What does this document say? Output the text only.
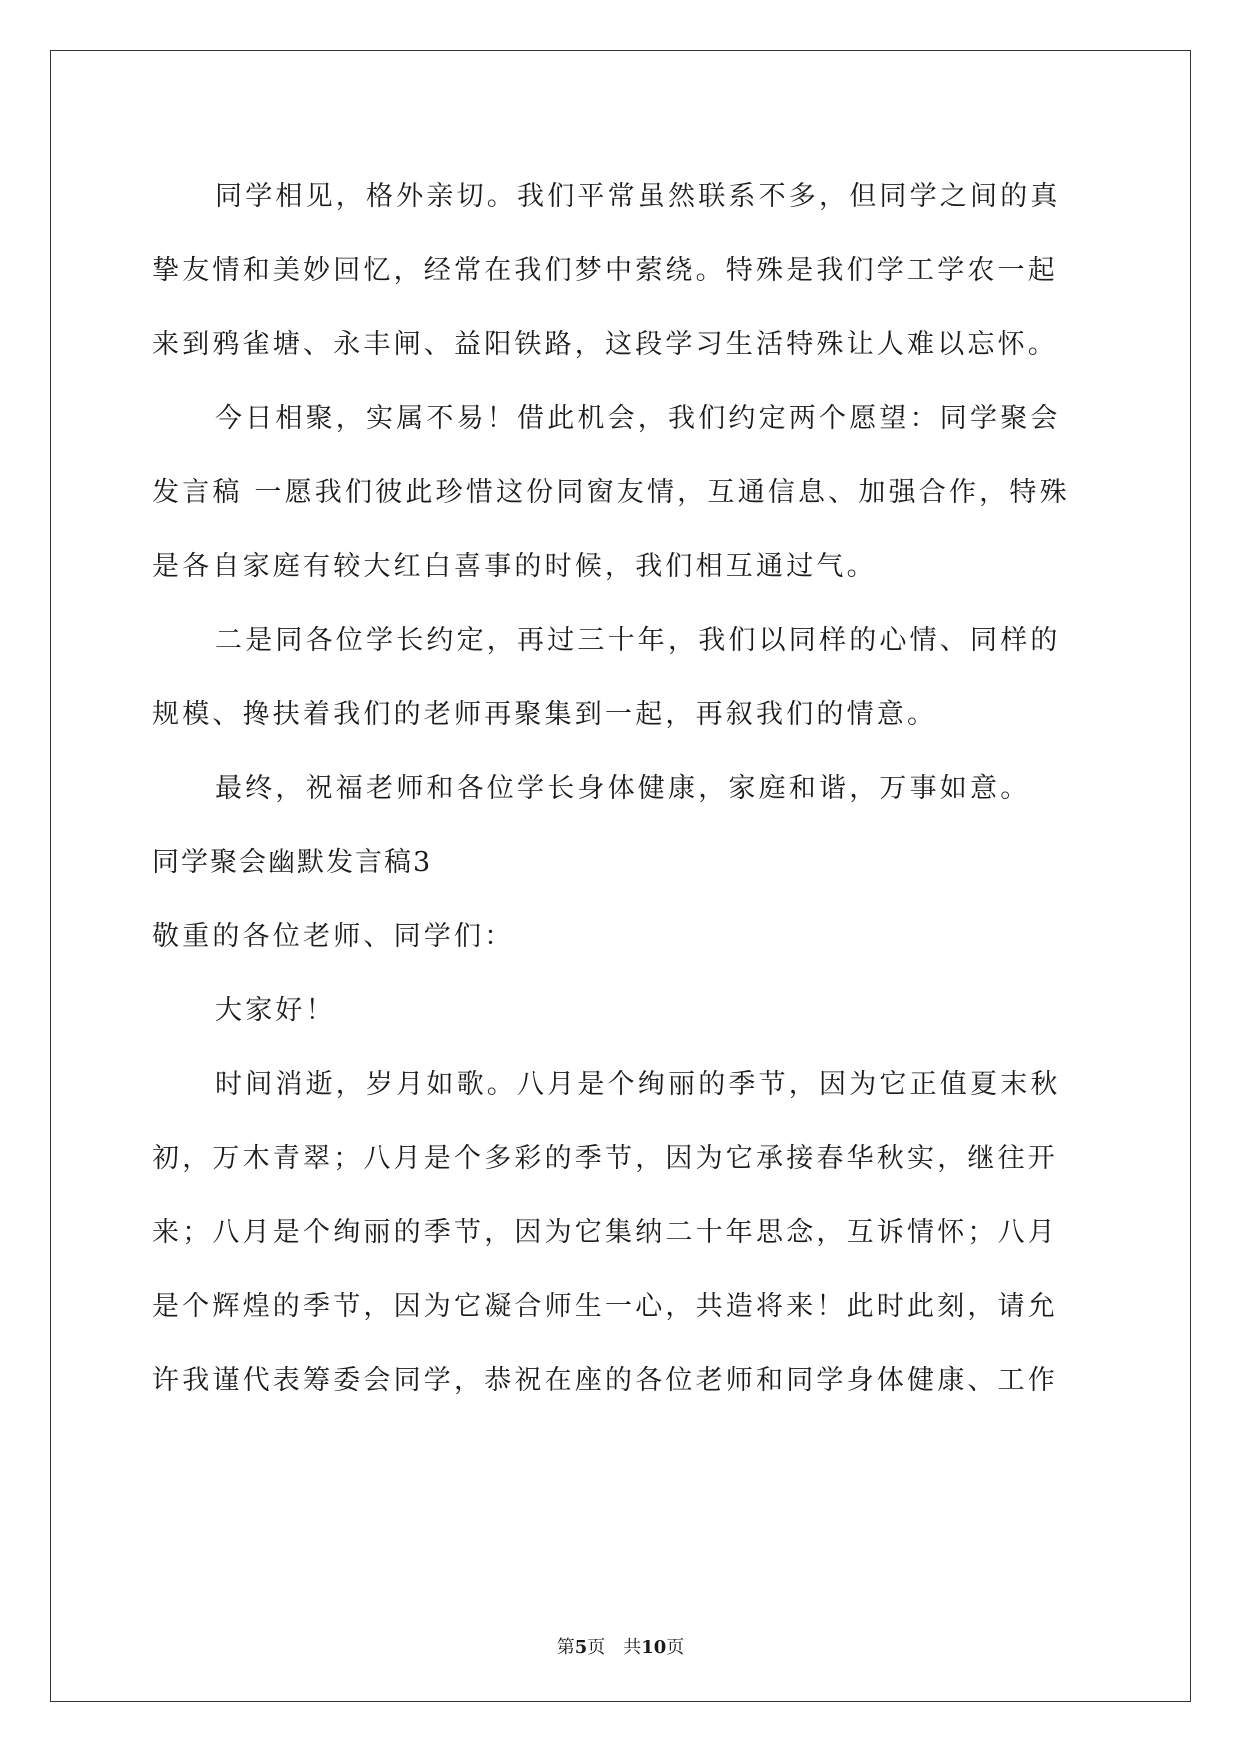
同学相见，格外亲切。我们平常虽然联系不多，但同学之间的真
挚友情和美妙回忆，经常在我们梦中萦绕。特殊是我们学工学农一起
来到鸦雀塘、永丰闸、益阳铁路，这段学习生活特殊让人难以忘怀。

今日相聚，实属不易！借此机会，我们约定两个愿望：同学聚会
发言稿 一愿我们彼此珍惜这份同窗友情，互通信息、加强合作，特殊
是各自家庭有较大红白喜事的时候，我们相互通过气。

二是同各位学长约定，再过三十年，我们以同样的心情、同样的
规模、搀扶着我们的老师再聚集到一起，再叙我们的情意。

最终，祝福老师和各位学长身体健康，家庭和谐，万事如意。

同学聚会幽默发言稿3

敬重的各位老师、同学们：

大家好！

时间消逝，岁月如歌。八月是个绚丽的季节，因为它正值夏末秋
初，万木青翠；八月是个多彩的季节，因为它承接春华秋实，继往开
来；八月是个绚丽的季节，因为它集纳二十年思念，互诉情怀；八月
是个辉煌的季节，因为它凝合师生一心，共造将来！此时此刻，请允
许我谨代表筹委会同学，恭祝在座的各位老师和同学身体健康、工作

第5页 共10页
